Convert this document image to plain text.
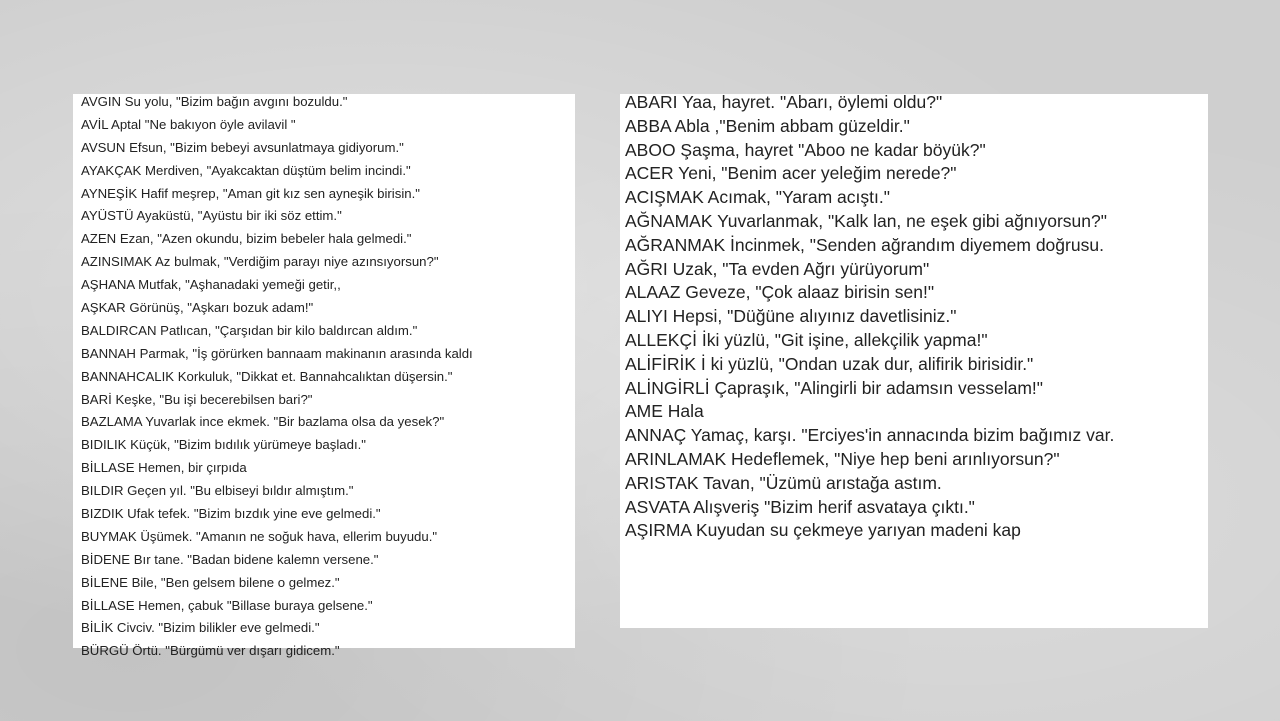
AVGIN Su yolu, "Bizim bağın avgını bozuldu."
AVİL Aptal "Ne bakıyon öyle avilavil "
AVSUN Efsun, "Bizim bebeyi avsunlatmaya gidiyorum."
AYAKÇAK Merdiven, "Ayakcaktan düştüm belim incindi."
AYNEŞİK Hafif meşrep, "Aman git kız sen ayneşik birisin."
AYÜSTÜ Ayaküstü, "Ayüstu bir iki söz ettim."
AZEN Ezan, "Azen okundu, bizim bebeler hala gelmedi."
AZINSIMAK Az bulmak, "Verdiğim parayı niye azınsıyorsun?"
AŞHANA Mutfak, "Aşhanadaki yemeği getir,,
AŞKAR Görünüş, "Aşkarı bozuk adam!"
BALDIRCAN Patlıcan, "Çarşıdan bir kilo baldırcan aldım."
BANNAH Parmak, "İş görürken bannaam makinanın arasında kaldı
BANNAHCALIK Korkuluk, "Dikkat et. Bannahcalıktan düşersin."
BARİ Keşke, "Bu işi becerebilsen bari?"
BAZLAMA Yuvarlak ince ekmek. "Bir bazlama olsa da yesek?"
BIDILIK Küçük, "Bizim bıdılık yürümeye başladı."
BİLLASE Hemen, bir çırpıda
BILDIR Geçen yıl. "Bu elbiseyi bıldır almıştım."
BIZDIK Ufak tefek. "Bizim bızdık yine eve gelmedi."
BUYMAK Üşümek. "Amanın ne soğuk hava, ellerim buyudu."
BİDENE Bır tane. "Badan bidene kalemn versene."
BİLENE Bile, "Ben gelsem bilene o gelmez."
BİLLASE Hemen, çabuk "Billase buraya gelsene."
BİLİK Civciv. "Bizim bilikler eve gelmedi."
BÜRGÜ Örtü. "Bürgümü ver dışarı gidicem."
ABARI Yaa, hayret. "Abarı, öylemi oldu?"
ABBA Abla ,"Benim abbam güzeldir."
ABOO Şaşma, hayret "Aboo ne kadar böyük?"
ACER Yeni, "Benim acer yeleğim nerede?"
ACIŞMAK Acımak, "Yaram acıştı."
AĞNAMAK Yuvarlanmak, "Kalk lan, ne eşek gibi ağnıyorsun?"
AĞRANMAK İncinmek, "Senden ağrandım diyemem doğrusu.
AĞRI Uzak, "Ta evden Ağrı yürüyorum"
ALAAZ Geveze, "Çok alaaz birisin sen!"
ALIYI Hepsi, "Düğüne alıyınız davetlisiniz."
ALLEKÇİ İki yüzlü, "Git işine, allekçilik yapma!"
ALİFİRİK İ ki yüzlü, "Ondan uzak dur, alifirik birisidir."
ALİNGİRLİ Çapraşık, "Alingirli bir adamsın vesselam!"
AME Hala
ANNAÇ Yamaç, karşı. "Erciyes'in annacında bizim bağımız var.
ARINLAMAK Hedeflemek, "Niye hep beni arınlıyorsun?"
ARISTAK Tavan, "Üzümü arıstağa astım.
ASVATA Alışveriş "Bizim herif asvataya çıktı."
AŞIRMA Kuyudan su çekmeye yarıyan madeni kap
